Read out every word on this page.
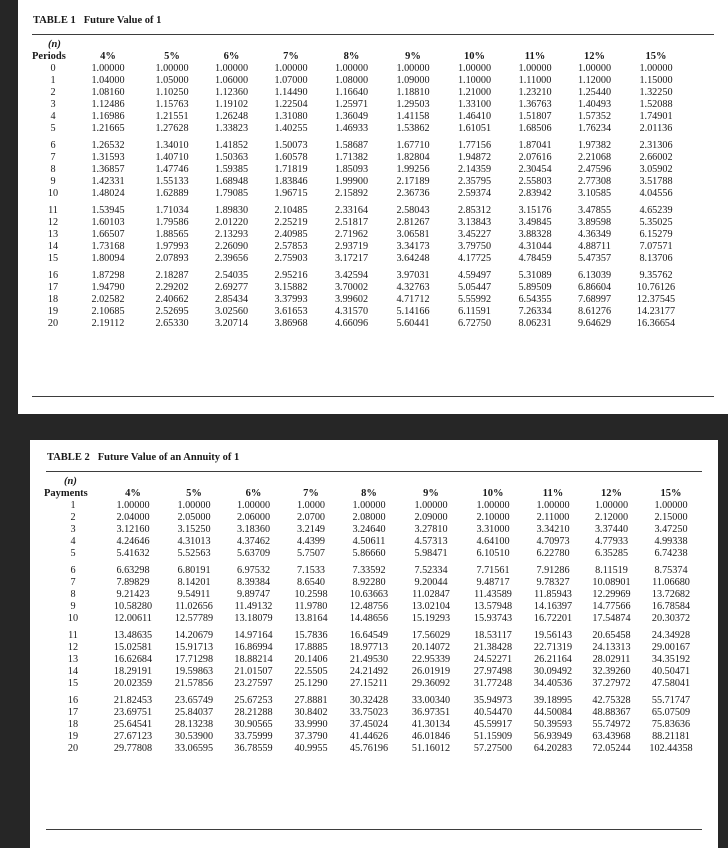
TABLE 1 Future Value of 1
(n)
Periods	4%	5%	6%	7%	8%	9%	10%	11%	12%	15%
0	1.00000	1.00000	1.00000	1.00000	1.00000	1.00000	1.00000	1.00000	1.00000	1.00000
1	1.04000	1.05000	1.06000	1.07000	1.08000	1.09000	1.10000	1.11000	1.12000	1.15000
2	1.08160	1.10250	1.12360	1.14490	1.16640	1.18810	1.21000	1.23210	1.25440	1.32250
3	1.12486	1.15763	1.19102	1.22504	1.25971	1.29503	1.33100	1.36763	1.40493	1.52088
4	1.16986	1.21551	1.26248	1.31080	1.36049	1.41158	1.46410	1.51807	1.57352	1.74901
5	1.21665	1.27628	1.33823	1.40255	1.46933	1.53862	1.61051	1.68506	1.76234	2.01136
6	1.26532	1.34010	1.41852	1.50073	1.58687	1.67710	1.77156	1.87041	1.97382	2.31306
7	1.31593	1.40710	1.50363	1.60578	1.71382	1.82804	1.94872	2.07616	2.21068	2.66002
8	1.36857	1.47746	1.59385	1.71819	1.85093	1.99256	2.14359	2.30454	2.47596	3.05902
9	1.42331	1.55133	1.68948	1.83846	1.99900	2.17189	2.35795	2.55803	2.77308	3.51788
10	1.48024	1.62889	1.79085	1.96715	2.15892	2.36736	2.59374	2.83942	3.10585	4.04556
11	1.53945	1.71034	1.89830	2.10485	2.33164	2.58043	2.85312	3.15176	3.47855	4.65239
12	1.60103	1.79586	2.01220	2.25219	2.51817	2.81267	3.13843	3.49845	3.89598	5.35025
13	1.66507	1.88565	2.13293	2.40985	2.71962	3.06581	3.45227	3.88328	4.36349	6.15279
14	1.73168	1.97993	2.26090	2.57853	2.93719	3.34173	3.79750	4.31044	4.88711	7.07571
15	1.80094	2.07893	2.39656	2.75903	3.17217	3.64248	4.17725	4.78459	5.47357	8.13706
16	1.87298	2.18287	2.54035	2.95216	3.42594	3.97031	4.59497	5.31089	6.13039	9.35762
17	1.94790	2.29202	2.69277	3.15882	3.70002	4.32763	5.05447	5.89509	6.86604	10.76126
18	2.02582	2.40662	2.85434	3.37993	3.99602	4.71712	5.55992	6.54355	7.68997	12.37545
19	2.10685	2.52695	3.02560	3.61653	4.31570	5.14166	6.11591	7.26334	8.61276	14.23177
20	2.19112	2.65330	3.20714	3.86968	4.66096	5.60441	6.72750	8.06231	9.64629	16.36654
TABLE 2 Future Value of an Annuity of 1
(n)
Payments	4%	5%	6%	7%	8%	9%	10%	11%	12%	15%
1	1.00000	1.00000	1.00000	1.0000	1.00000	1.00000	1.00000	1.00000	1.00000	1.00000
2	2.04000	2.05000	2.06000	2.0700	2.08000	2.09000	2.10000	2.11000	2.12000	2.15000
3	3.12160	3.15250	3.18360	3.2149	3.24640	3.27810	3.31000	3.34210	3.37440	3.47250
4	4.24646	4.31013	4.37462	4.4399	4.50611	4.57313	4.64100	4.70973	4.77933	4.99338
5	5.41632	5.52563	5.63709	5.7507	5.86660	5.98471	6.10510	6.22780	6.35285	6.74238
6	6.63298	6.80191	6.97532	7.1533	7.33592	7.52334	7.71561	7.91286	8.11519	8.75374
7	7.89829	8.14201	8.39384	8.6540	8.92280	9.20044	9.48717	9.78327	10.08901	11.06680
8	9.21423	9.54911	9.89747	10.2598	10.63663	11.02847	11.43589	11.85943	12.29969	13.72682
9	10.58280	11.02656	11.49132	11.9780	12.48756	13.02104	13.57948	14.16397	14.77566	16.78584
10	12.00611	12.57789	13.18079	13.8164	14.48656	15.19293	15.93743	16.72201	17.54874	20.30372
11	13.48635	14.20679	14.97164	15.7836	16.64549	17.56029	18.53117	19.56143	20.65458	24.34928
12	15.02581	15.91713	16.86994	17.8885	18.97713	20.14072	21.38428	22.71319	24.13313	29.00167
13	16.62684	17.71298	18.88214	20.1406	21.49530	22.95339	24.52271	26.21164	28.02911	34.35192
14	18.29191	19.59863	21.01507	22.5505	24.21492	26.01919	27.97498	30.09492	32.39260	40.50471
15	20.02359	21.57856	23.27597	25.1290	27.15211	29.36092	31.77248	34.40536	37.27972	47.58041
16	21.82453	23.65749	25.67253	27.8881	30.32428	33.00340	35.94973	39.18995	42.75328	55.71747
17	23.69751	25.84037	28.21288	30.8402	33.75023	36.97351	40.54470	44.50084	48.88367	65.07509
18	25.64541	28.13238	30.90565	33.9990	37.45024	41.30134	45.59917	50.39593	55.74972	75.83636
19	27.67123	30.53900	33.75999	37.3790	41.44626	46.01846	51.15909	56.93949	63.43968	88.21181
20	29.77808	33.06595	36.78559	40.9955	45.76196	51.16012	57.27500	64.20283	72.05244	102.44358
